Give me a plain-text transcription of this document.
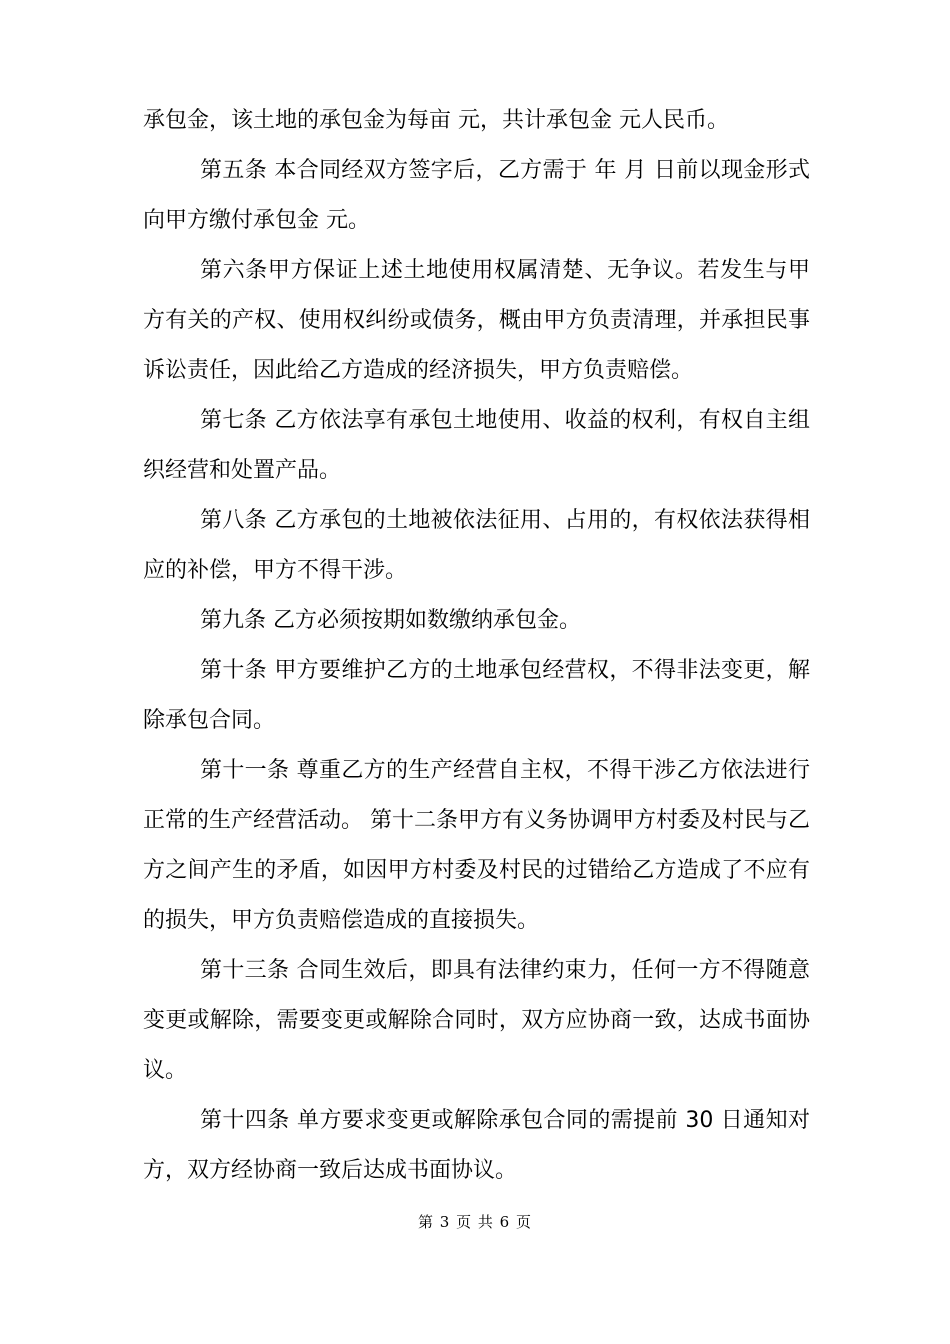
承包金，该土地的承包金为每亩 元，共计承包金 元人民币。

第五条 本合同经双方签字后，乙方需于 年 月 日前以现金形式向甲方缴付承包金 元。

第六条甲方保证上述土地使用权属清楚、无争议。若发生与甲方有关的产权、使用权纠纷或债务，概由甲方负责清理，并承担民事诉讼责任，因此给乙方造成的经济损失，甲方负责赔偿。

第七条 乙方依法享有承包土地使用、收益的权利，有权自主组织经营和处置产品。

第八条 乙方承包的土地被依法征用、占用的，有权依法获得相应的补偿，甲方不得干涉。

第九条 乙方必须按期如数缴纳承包金。

第十条 甲方要维护乙方的土地承包经营权，不得非法变更，解除承包合同。

第十一条 尊重乙方的生产经营自主权，不得干涉乙方依法进行正常的生产经营活动。 第十二条甲方有义务协调甲方村委及村民与乙方之间产生的矛盾，如因甲方村委及村民的过错给乙方造成了不应有的损失，甲方负责赔偿造成的直接损失。

第十三条 合同生效后，即具有法律约束力，任何一方不得随意变更或解除，需要变更或解除合同时，双方应协商一致，达成书面协议。

第十四条 单方要求变更或解除承包合同的需提前 30 日通知对方，双方经协商一致后达成书面协议。

第 3 页 共 6 页
